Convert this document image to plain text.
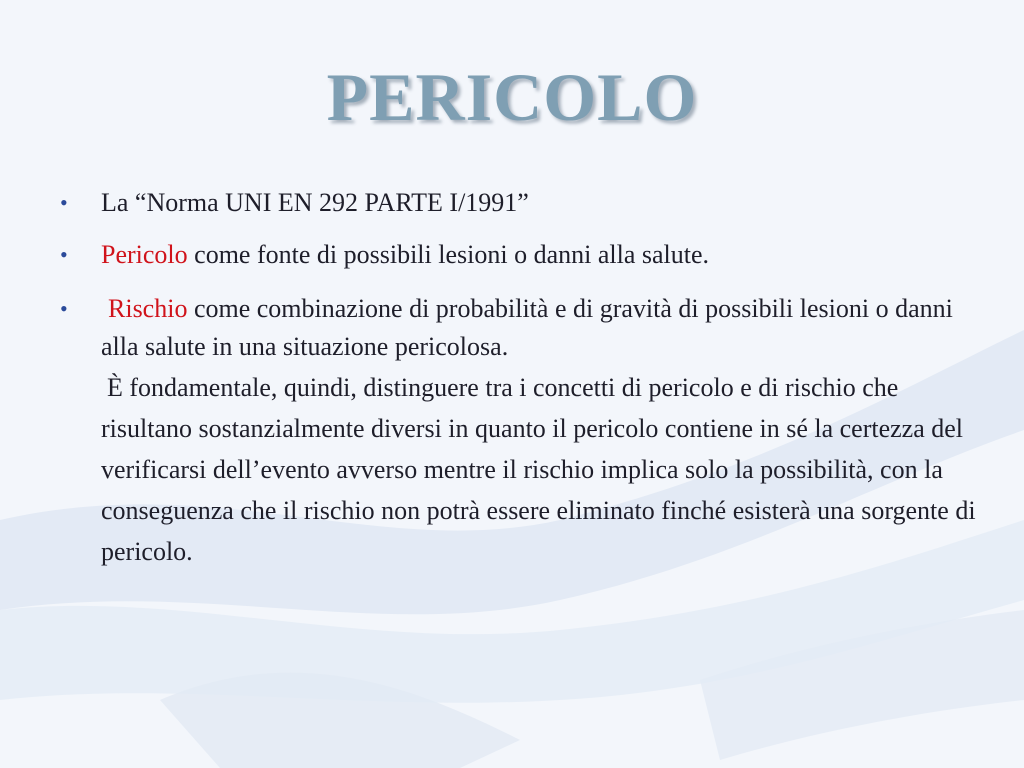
PERICOLO
• La “Norma UNI EN 292 PARTE I/1991”
• Pericolo come fonte di possibili lesioni o danni alla salute.
• Rischio come combinazione di probabilità e di gravità di possibili lesioni o danni alla salute in una situazione pericolosa.
È fondamentale, quindi, distinguere tra i concetti di pericolo e di rischio che risultano sostanzialmente diversi in quanto il pericolo contiene in sé la certezza del verificarsi dell’evento avverso mentre il rischio implica solo la possibilità, con la conseguenza che il rischio non potrà essere eliminato finché esisterà una sorgente di pericolo.
